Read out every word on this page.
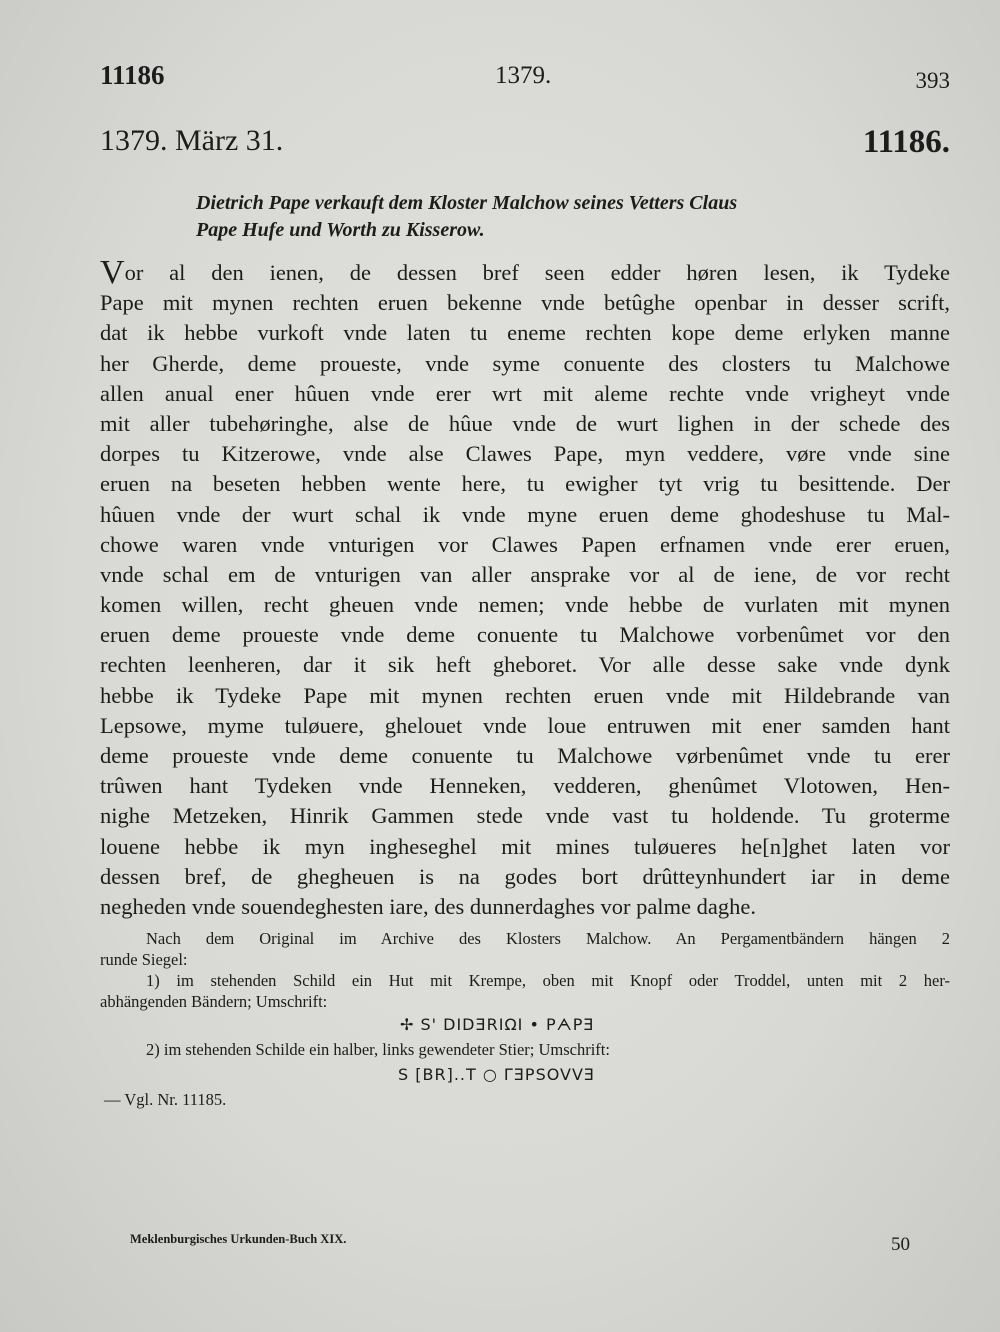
11186	1379.	393
1379. März 31.	11186.
Dietrich Pape verkauft dem Kloster Malchow seines Vetters Claus
Pape Hufe und Worth zu Kisserow.
Vor al den ienen, de dessen bref seen edder høren lesen, ik Tydeke
Pape mit mynen rechten eruen bekenne vnde betûghe openbar in desser scrift,
dat ik hebbe vurkoft vnde laten tu eneme rechten kope deme erlyken manne
her Gherde, deme proueste, vnde syme conuente des closters tu Malchowe
allen anual ener hûuen vnde erer wrt mit aleme rechte vnde vrigheyt vnde
mit aller tubehøringhe, alse de hûue vnde de wurt lighen in der schede des
dorpes tu Kitzerowe, vnde alse Clawes Pape, myn veddere, vøre vnde sine
eruen na beseten hebben wente here, tu ewigher tyt vrig tu besittende. Der
hûuen vnde der wurt schal ik vnde myne eruen deme ghodeshuse tu Mal-
chowe waren vnde vnturigen vor Clawes Papen erfnamen vnde erer eruen,
vnde schal em de vnturigen van aller ansprake vor al de iene, de vor recht
komen willen, recht gheuen vnde nemen; vnde hebbe de vurlaten mit mynen
eruen deme proueste vnde deme conuente tu Malchowe vorbenûmet vor den
rechten leenheren, dar it sik heft gheboret. Vor alle desse sake vnde dynk
hebbe ik Tydeke Pape mit mynen rechten eruen vnde mit Hildebrande van
Lepsowe, myme tuløuere, ghelouet vnde loue entruwen mit ener samden hant
deme proueste vnde deme conuente tu Malchowe vørbenûmet vnde tu erer
trûwen hant Tydeken vnde Henneken, vedderen, ghenûmet Vlotowen, Hen-
nighe Metzeken, Hinrik Gammen stede vnde vast tu holdende. Tu groterme
louene hebbe ik myn ingheseghel mit mines tuløueres he[n]ghet laten vor
dessen bref, de ghegheuen is na godes bort drûtteynhundert iar in deme
negheden vnde souendeghesten iare, des dunnerdaghes vor palme daghe.
Nach dem Original im Archive des Klosters Malchow. An Pergamentbändern hängen 2
runde Siegel:
1) im stehenden Schild ein Hut mit Krempe, oben mit Knopf oder Troddel, unten mit 2 her-
abhängenden Bändern; Umschrift:
✢ S' DIDƎRIΩI • PᗅPƎ
2) im stehenden Schilde ein halber, links gewendeter Stier; Umschrift:
S [BR]..T ○ ΓƎPSOVVƎ
— Vgl. Nr. 11185.
Meklenburgisches Urkunden-Buch XIX.	50
